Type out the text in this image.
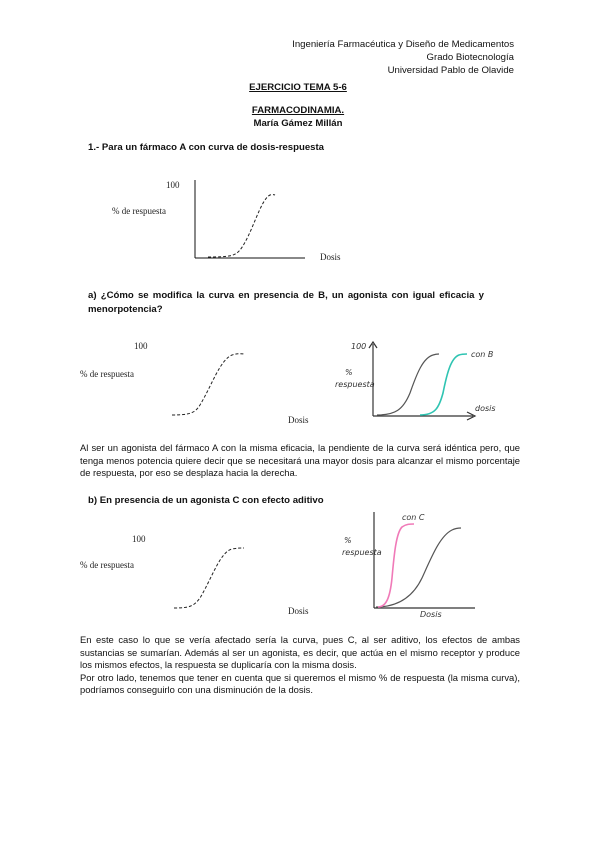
Ingeniería Farmacéutica y Diseño de Medicamentos
Grado Biotecnología
Universidad Pablo de Olavide
EJERCICIO TEMA 5-6
FARMACODINAMIA.
María Gámez Millán
1.- Para un fármaco A con curva de dosis-respuesta
100
% de respuesta
Dosis
a) ¿Cómo se modifica la curva en presencia de B, un agonista con igual eficacia y menorpotencia?
100
% de respuesta
Dosis
100
%
respuesta
dosis
con B
Al ser un agonista del fármaco A con la misma eficacia, la pendiente de la curva será idéntica pero, que tenga menos potencia quiere decir que se necesitará una mayor dosis para alcanzar el mismo porcentaje de respuesta, por eso se desplaza hacia la derecha.
b) En presencia de un agonista C con efecto aditivo
100
% de respuesta
Dosis
%
respuesta
Dosis
con C

En este caso lo que se vería afectado sería la curva, pues C, al ser aditivo, los efectos de ambas sustancias se sumarían. Además al ser un agonista, es decir, que actúa en el mismo receptor y produce los mismos efectos, la respuesta se duplicaría con la misma dosis.

Por otro lado, tenemos que tener en cuenta que si queremos el mismo % de respuesta (la misma curva), podríamos conseguirlo con una disminución de la dosis.
